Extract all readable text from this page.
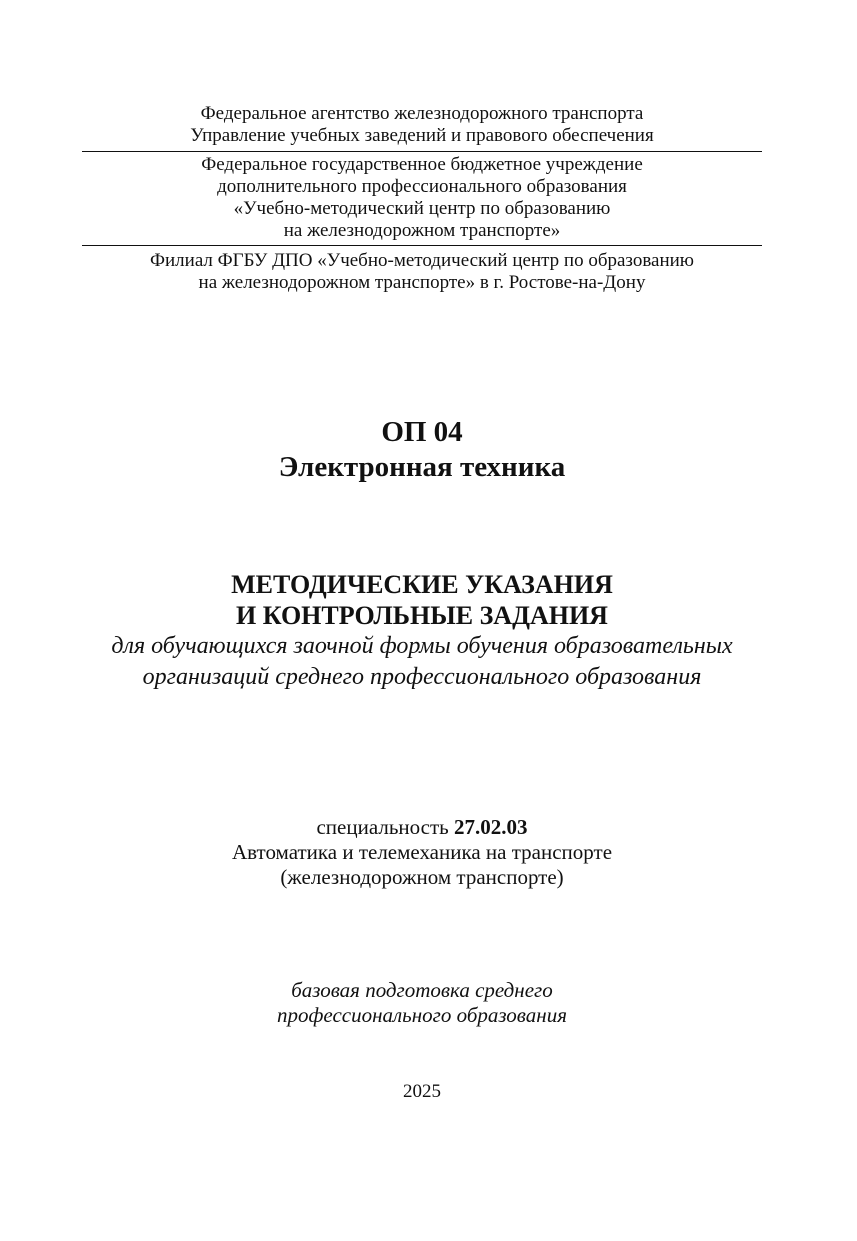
Федеральное агентство железнодорожного транспорта
Управление учебных заведений и правового обеспечения
Федеральное государственное бюджетное учреждение
дополнительного профессионального образования
«Учебно-методический центр по образованию
на железнодорожном транспорте»
Филиал ФГБУ ДПО «Учебно-методический центр по образованию
на железнодорожном транспорте» в г. Ростове-на-Дону
ОП 04
Электронная техника
МЕТОДИЧЕСКИЕ УКАЗАНИЯ
И КОНТРОЛЬНЫЕ ЗАДАНИЯ
для обучающихся заочной формы обучения образовательных
организаций среднего профессионального образования
специальность 27.02.03
Автоматика и телемеханика на транспорте
(железнодорожном транспорте)
базовая подготовка среднего
профессионального образования
2025
